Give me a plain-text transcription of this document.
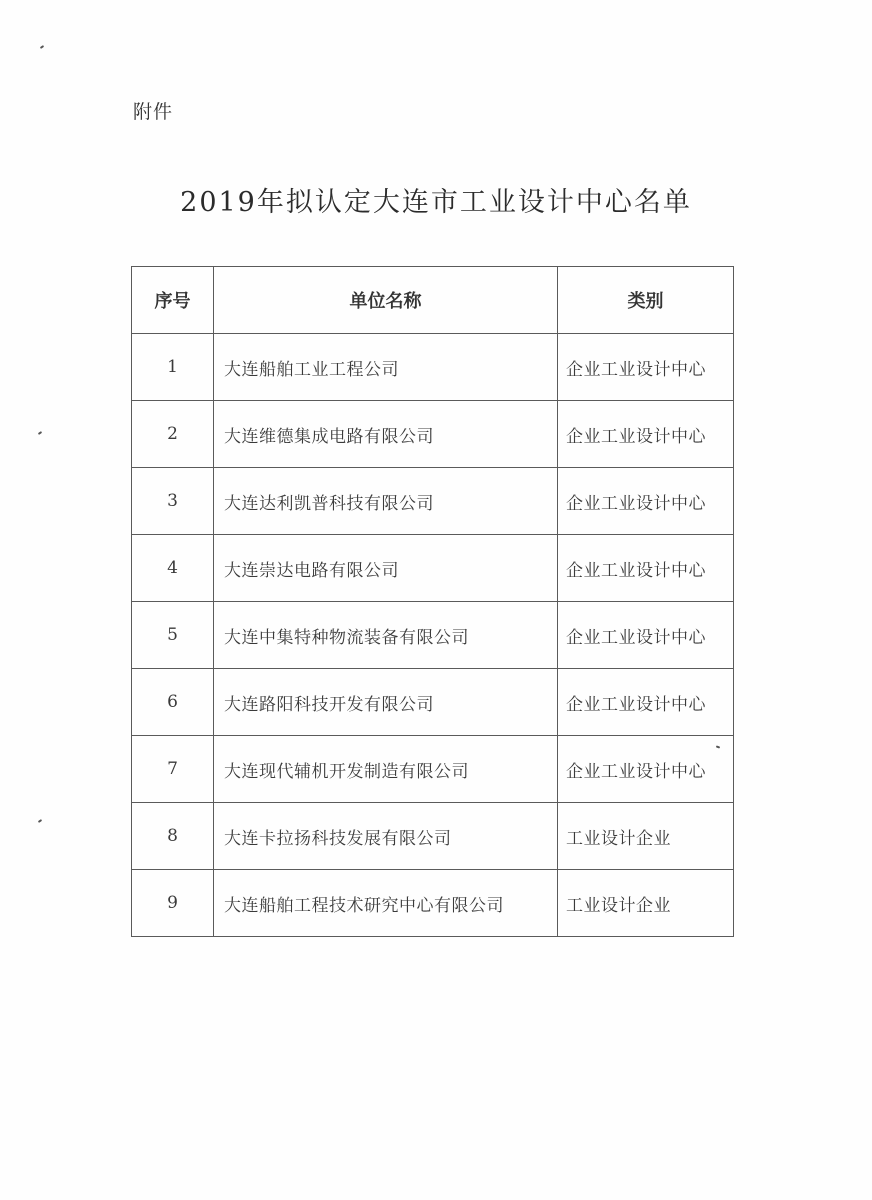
附件
2019年拟认定大连市工业设计中心名单
序号	单位名称	类别
1	大连船舶工业工程公司	企业工业设计中心
2	大连维德集成电路有限公司	企业工业设计中心
3	大连达利凯普科技有限公司	企业工业设计中心
4	大连崇达电路有限公司	企业工业设计中心
5	大连中集特种物流装备有限公司	企业工业设计中心
6	大连路阳科技开发有限公司	企业工业设计中心
7	大连现代辅机开发制造有限公司	企业工业设计中心
8	大连卡拉扬科技发展有限公司	工业设计企业
9	大连船舶工程技术研究中心有限公司	工业设计企业
